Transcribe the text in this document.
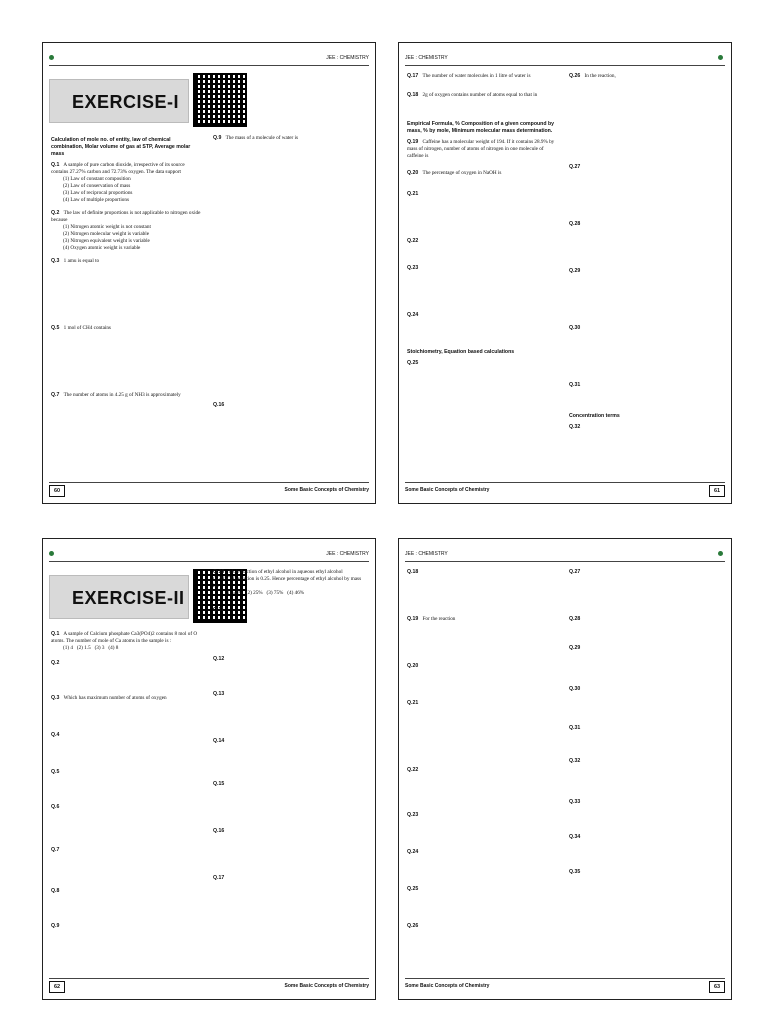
JEE : CHEMISTRY
EXERCISE-I
Calculation of mole no. of entity, law of chemical combination, Molar volume of gas at STP, Average molar mass
Q.1 A sample of pure carbon dioxide, irrespective of its source contains 27.27% carbon and 72.73% oxygen. The data support
(1) Law of constant composition
(2) Law of conservation of mass
(3) Law of reciprocal proportions
(4) Law of multiple proportions
Q.2 The law of definite proportions is not applicable to nitrogen oxide because
(1) Nitrogen atomic weight is not constant
(2) Nitrogen molecular weight is variable
(3) Nitrogen equivalent weight is variable
(4) Oxygen atomic weight is variable
Q.3 1 amu is equal to
Q.5 1 mol of CH4 contains
Q.7 The number of atoms in 4.25 g of NH3 is approximately
Q.9 The mass of a molecule of water is
Q.16
60	Some Basic Concepts of Chemistry
JEE : CHEMISTRY
Q.17 The number of water molecules in 1 litre of water is
Q.18 2g of oxygen contains number of atoms equal to that in
Empirical Formula, % Composition of a given compound by mass, % by mole, Minimum molecular mass determination.
Q.19 Caffeine has a molecular weight of 194. If it contains 28.9% by mass of nitrogen, number of atoms of nitrogen in one molecule of caffeine is
Q.20 The percentage of oxygen in NaOH is
Q.21
Q.22
Q.23
Q.24
Stoichiometry, Equation based calculations
Q.25
Q.26 In the reaction,
Q.27
Q.28
Q.29
Q.30
Q.31
Concentration terms
Q.32
Some Basic Concepts of Chemistry	61
JEE : CHEMISTRY
EXERCISE-II
Q.1 A sample of Calcium phosphate Ca3(PO4)2 contains 8 mol of O atoms. The number of mole of Ca atoms in the sample is :
(1) 4 (2) 1.5 (3) 3 (4) 8
Q.2
Q.3 Which has maximum number of atoms of oxygen
Q.4
Q.5
Q.6
Q.7
Q.8
Q.9
Q.10 Mole fraction of ethyl alcohol in aqueous ethyl alcohol (C2H5OH) solution is 0.25. Hence percentage of ethyl alcohol by mass is :
(1) 54% (2) 25% (3) 75% (4) 46%
Q.11
Q.12
Q.13
Q.14
Q.15
Q.16
Q.17
62	Some Basic Concepts of Chemistry
JEE : CHEMISTRY
Q.18
Q.19 For the reaction
Q.20
Q.21
Q.22
Q.23
Q.24
Q.25
Q.26
Q.27
Q.28
Q.29
Q.30
Q.31
Q.32
Q.33
Q.34
Q.35
Some Basic Concepts of Chemistry	63
